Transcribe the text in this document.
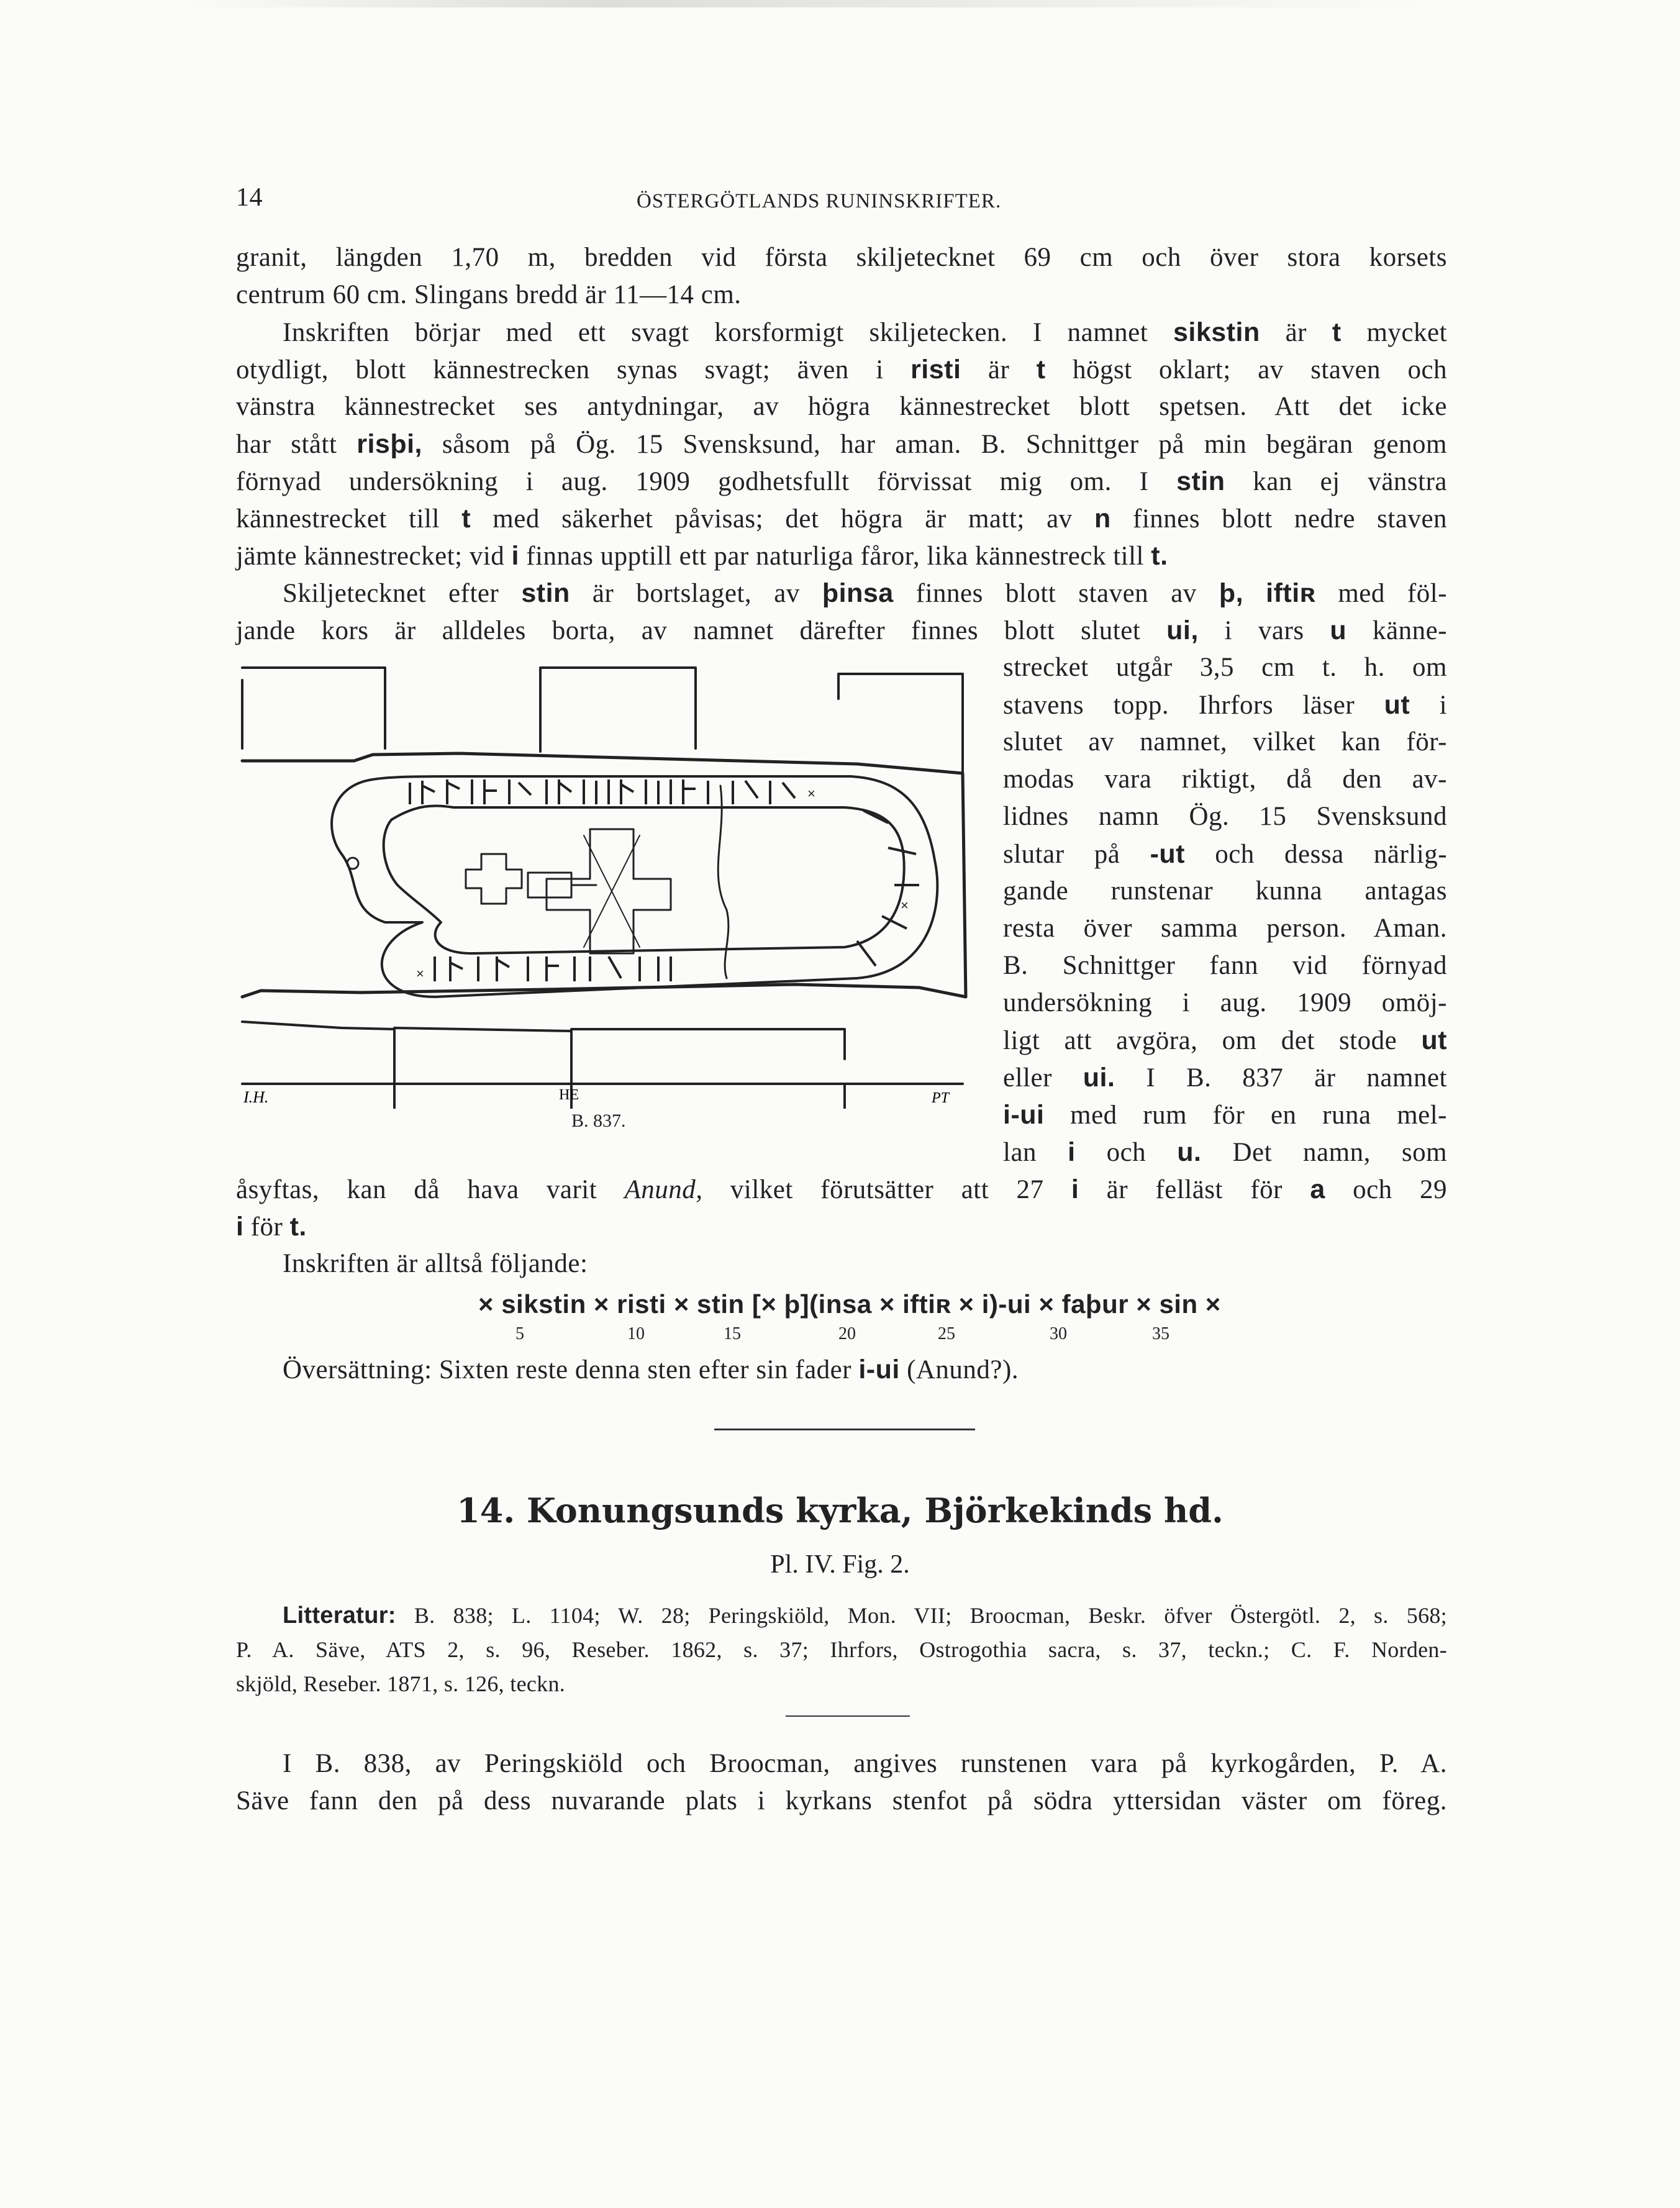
14	ÖSTERGÖTLANDS RUNINSKRIFTER.
granit, längden 1,70 m, bredden vid första skiljetecknet 69 cm och över stora korsets
centrum 60 cm. Slingans bredd är 11—14 cm.
Inskriften börjar med ett svagt korsformigt skiljetecken. I namnet sikstin är t mycket
otydligt, blott kännestrecken synas svagt; även i risti är t högst oklart; av staven och
vänstra kännestrecket ses antydningar, av högra kännestrecket blott spetsen. Att det icke
har stått risþi, såsom på Ög. 15 Svensksund, har aman. B. Schnittger på min begäran genom
förnyad undersökning i aug. 1909 godhetsfullt förvissat mig om. I stin kan ej vänstra
kännestrecket till t med säkerhet påvisas; det högra är matt; av n finnes blott nedre staven
jämte kännestrecket; vid i finnas upptill ett par naturliga fåror, lika kännestreck till t.
Skiljetecknet efter stin är bortslaget, av þinsa finnes blott staven av þ, iftiʀ med föl-
jande kors är alldeles borta, av namnet därefter finnes blott slutet ui, i vars u känne-
×
×
×
I.H.	HE	PT
B. 837.
strecket utgår 3,5 cm t. h. om
stavens topp. Ihrfors läser ut i
slutet av namnet, vilket kan för-
modas vara riktigt, då den av-
lidnes namn Ög. 15 Svensksund
slutar på -ut och dessa närlig-
gande runstenar kunna antagas
resta över samma person. Aman.
B. Schnittger fann vid förnyad
undersökning i aug. 1909 omöj-
ligt att avgöra, om det stode ut
eller ui. I B. 837 är namnet
i-ui med rum för en runa mel-
lan i och u. Det namn, som
åsyftas, kan då hava varit Anund, vilket förutsätter att 27 i är felläst för a och 29
i för t.
Inskriften är alltså följande:
× sikstin × risti × stin [× þ](insa × iftiʀ × i)-ui × faþur × sin ×
5	10	15	20	25	30	35
Översättning: Sixten reste denna sten efter sin fader i-ui (Anund?).
14. Konungsunds kyrka, Björkekinds hd.
Pl. IV. Fig. 2.
Litteratur: B. 838; L. 1104; W. 28; Peringskiöld, Mon. VII; Broocman, Beskr. öfver Östergötl. 2, s. 568;
P. A. Säve, ATS 2, s. 96, Reseber. 1862, s. 37; Ihrfors, Ostrogothia sacra, s. 37, teckn.; C. F. Norden-
skjöld, Reseber. 1871, s. 126, teckn.
I B. 838, av Peringskiöld och Broocman, angives runstenen vara på kyrkogården, P. A.
Säve fann den på dess nuvarande plats i kyrkans stenfot på södra yttersidan väster om föreg.
